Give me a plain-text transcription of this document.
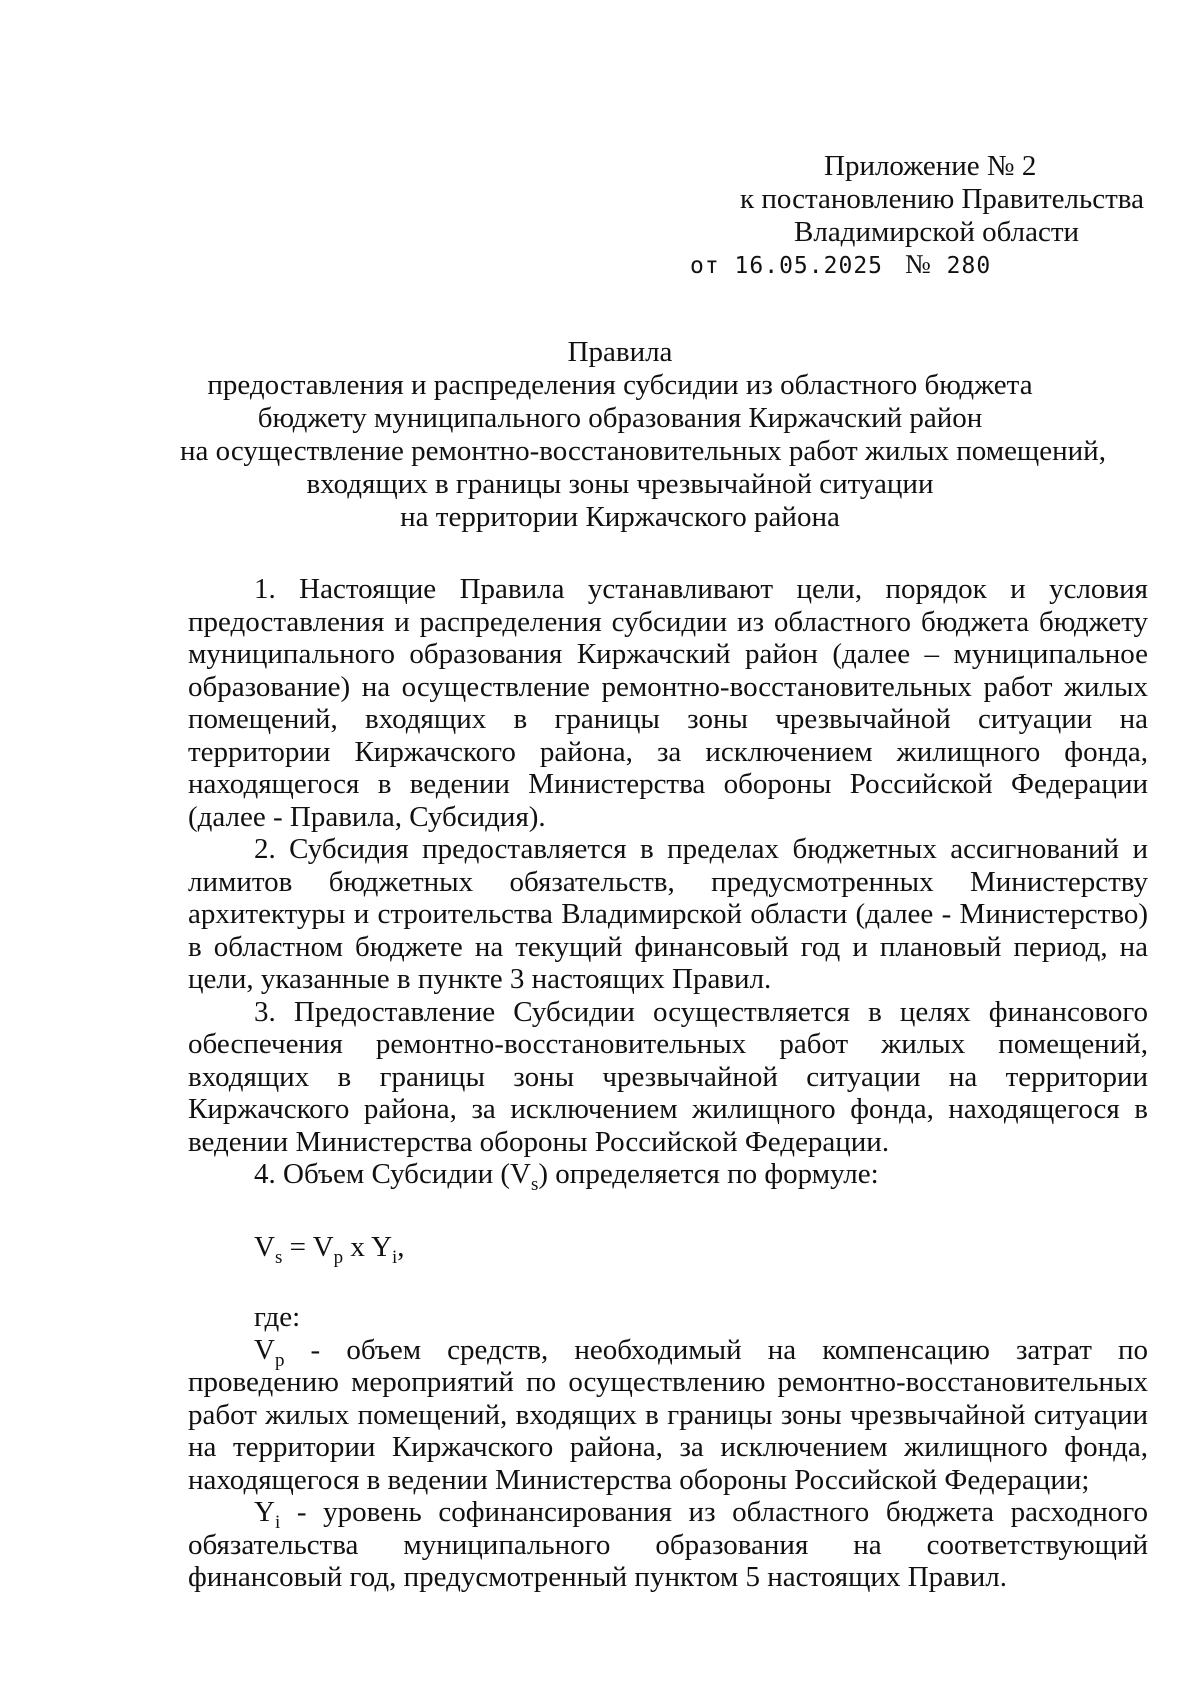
Приложение № 2
к постановлению Правительства
Владимирской области
от 16.05.2025 № 280
Правила
предоставления и распределения субсидии из областного бюджета
бюджету муниципального образования Киржачский район
на осуществление ремонтно-восстановительных работ жилых помещений,
входящих в границы зоны чрезвычайной ситуации
на территории Киржачского района

1. Настоящие Правила устанавливают цели, порядок и условия предоставления и распределения субсидии из областного бюджета бюджету муниципального образования Киржачский район (далее – муниципальное образование) на осуществление ремонтно-восстановительных работ жилых помещений, входящих в границы зоны чрезвычайной ситуации на территории Киржачского района, за исключением жилищного фонда, находящегося в ведении Министерства обороны Российской Федерации (далее - Правила, Субсидия).

2. Субсидия предоставляется в пределах бюджетных ассигнований и лимитов бюджетных обязательств, предусмотренных Министерству архитектуры и строительства Владимирской области (далее - Министерство) в областном бюджете на текущий финансовый год и плановый период, на цели, указанные в пункте 3 настоящих Правил.

3. Предоставление Субсидии осуществляется в целях финансового обеспечения ремонтно-восстановительных работ жилых помещений, входящих в границы зоны чрезвычайной ситуации на территории Киржачского района, за исключением жилищного фонда, находящегося в ведении Министерства обороны Российской Федерации.

4. Объем Субсидии $(V_s)$ определяется по формуле:

$V_s = V_p$ x $Y_i$,
где:

$V_p$ - объем средств, необходимый на компенсацию затрат по проведению мероприятий по осуществлению ремонтно-восстановительных работ жилых помещений, входящих в границы зоны чрезвычайной ситуации на территории Киржачского района, за исключением жилищного фонда, находящегося в ведении Министерства обороны Российской Федерации;

$Y_i$ - уровень софинансирования из областного бюджета расходного обязательства муниципального образования на соответствующий финансовый год, предусмотренный пунктом 5 настоящих Правил.
